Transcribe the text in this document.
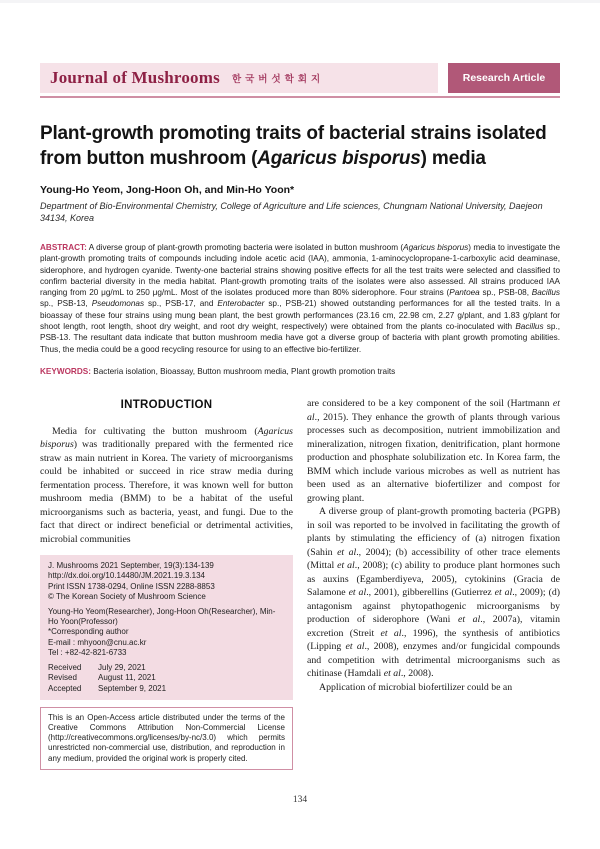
Journal of Mushrooms 한국버섯학회지	Research Article
Plant-growth promoting traits of bacterial strains isolated from button mushroom (Agaricus bisporus) media
Young-Ho Yeom, Jong-Hoon Oh, and Min-Ho Yoon*
Department of Bio-Environmental Chemistry, College of Agriculture and Life sciences, Chungnam National University, Daejeon 34134, Korea

ABSTRACT: A diverse group of plant-growth promoting bacteria were isolated in button mushroom (Agaricus bisporus) media to investigate the plant-growth promoting traits of compounds including indole acetic acid (IAA), ammonia, 1-aminocyclopropane-1-carboxylic acid deaminase, siderophore, and hydrogen cyanide. Twenty-one bacterial strains showing positive effects for all the test traits were selected and classified to confirm bacterial diversity in the media habitat. Plant-growth promoting traits of the isolates were also assessed. All strains produced IAA ranging from 20 μg/mL to 250 μg/mL. Most of the isolates produced more than 80% siderophore. Four strains (Pantoea sp., PSB-08, Bacillus sp., PSB-13, Pseudomonas sp., PSB-17, and Enterobacter sp., PSB-21) showed outstanding performances for all the tested traits. In a bioassay of these four strains using mung bean plant, the best growth performances (23.16 cm, 22.98 cm, 2.27 g/plant, and 1.83 g/plant for shoot length, root length, shoot dry weight, and root dry weight, respectively) were obtained from the plants co-inoculated with Bacillus sp., PSB-13. The resultant data indicate that button mushroom media have got a diverse group of bacteria with plant growth promoting abilities. Thus, the media could be a good recycling resource for using to an effective bio-fertilizer.

KEYWORDS: Bacteria isolation, Bioassay, Button mushroom media, Plant growth promotion traits

INTRODUCTION

Media for cultivating the button mushroom (Agaricus bisporus) was traditionally prepared with the fermented rice straw as main nutrient in Korea. The variety of microorganisms could be inhabited or succeed in rice straw media during fermentation process. Therefore, it was known well for button mushroom media (BMM) to be a habitat of the useful microorganisms such as bacteria, yeast, and fungi. Due to the fact that direct or indirect beneficial or detrimental activities, microbial communities

J. Mushrooms 2021 September, 19(3):134-139
http://dx.doi.org/10.14480/JM.2021.19.3.134
Print ISSN 1738-0294, Online ISSN 2288-8853
© The Korean Society of Mushroom Science
Young-Ho Yeom(Researcher), Jong-Hoon Oh(Researcher), Min-Ho Yoon(Professor)
*Corresponding author
E-mail : mhyoon@cnu.ac.kr
Tel : +82-42-821-6733
Received	July 29, 2021
Revised	August 11, 2021
Accepted	September 9, 2021
This is an Open-Access article distributed under the terms of the Creative Commons Attribution Non-Commercial License (http://creativecommons.org/licenses/by-nc/3.0) which permits unrestricted non-commercial use, distribution, and reproduction in any medium, provided the original work is properly cited.

are considered to be a key component of the soil (Hartmann et al., 2015). They enhance the growth of plants through various processes such as decomposition, nutrient immobilization and mineralization, nitrogen fixation, denitrification, plant hormone production and phosphate solubilization etc. In Korea farm, the BMM which include various microbes as well as nutrient has been used as an alternative biofertilizer and compost for growing plant.

A diverse group of plant-growth promoting bacteria (PGPB) in soil was reported to be involved in facilitating the growth of plants by stimulating the efficiency of (a) nitrogen fixation (Sahin et al., 2004); (b) accessibility of other trace elements (Mittal et al., 2008); (c) ability to produce plant hormones such as auxins (Egamberdiyeva, 2005), cytokinins (Gracia de Salamone et al., 2001), gibberellins (Gutierrez et al., 2009); (d) antagonism against phytopathogenic microorganisms by production of siderophore (Wani et al., 2007a), vitamin excretion (Streit et al., 1996), the synthesis of antibiotics (Lipping et al., 2008), enzymes and/or fungicidal compounds and competition with detrimental microorganisms such as chitinase (Hamdali et al., 2008).

Application of microbial biofertilizer could be an

134
